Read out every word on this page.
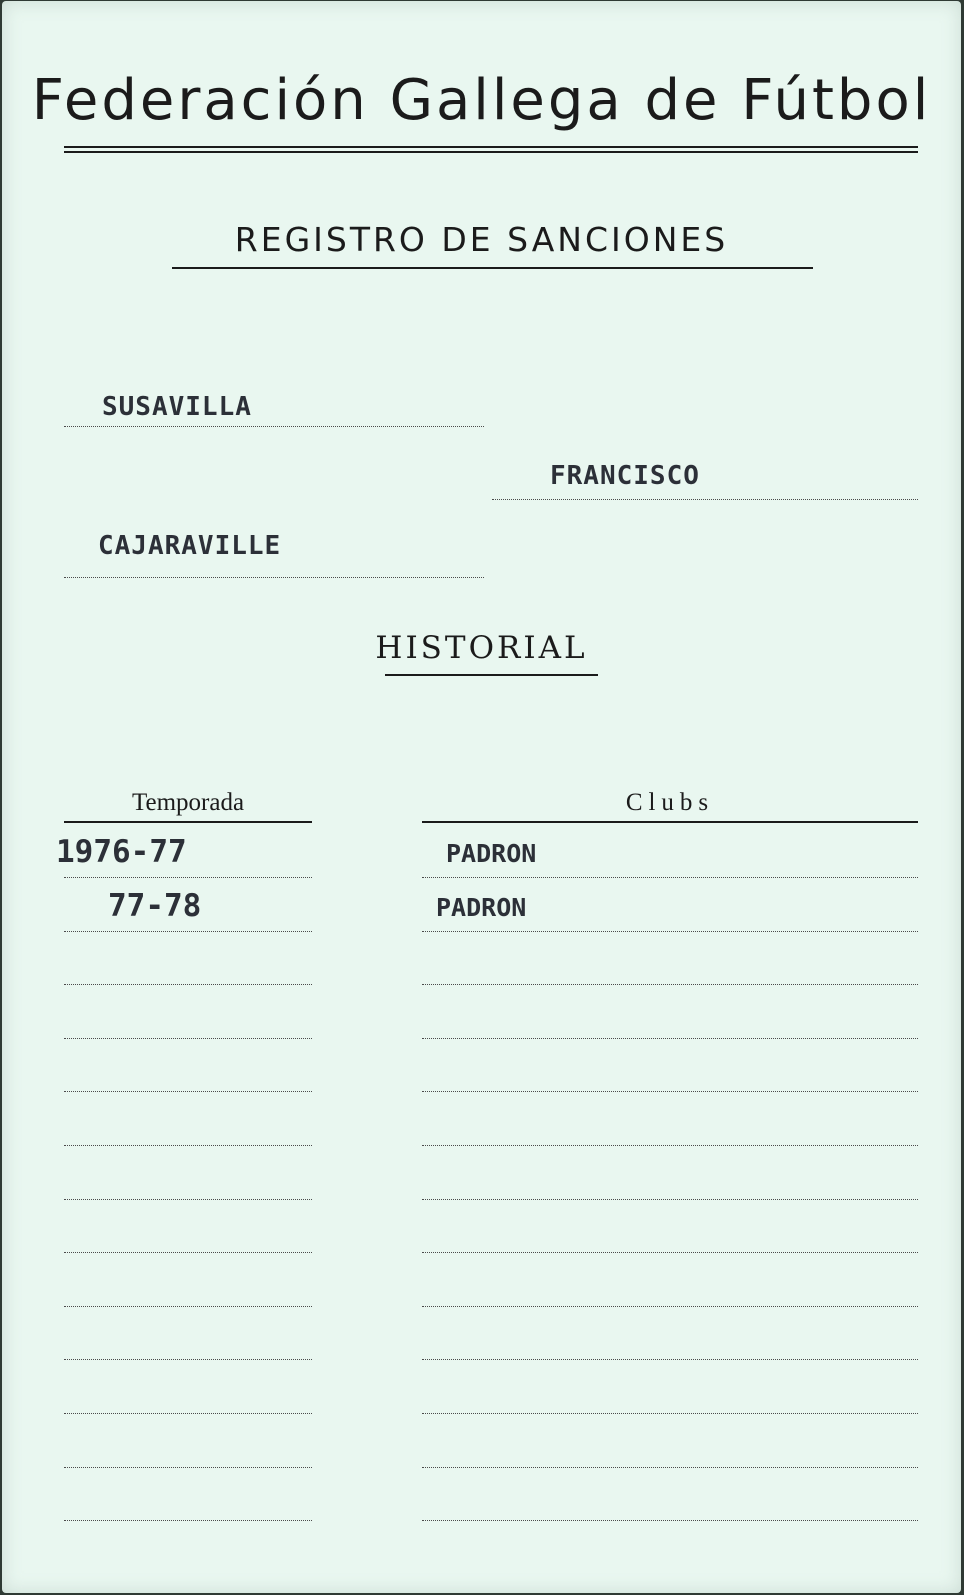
Federación Gallega de Fútbol
REGISTRO DE SANCIONES
SUSAVILLA
FRANCISCO
CAJARAVILLE
HISTORIAL
Temporada	Clubs
1976-77	PADRON
77-78	PADRON
